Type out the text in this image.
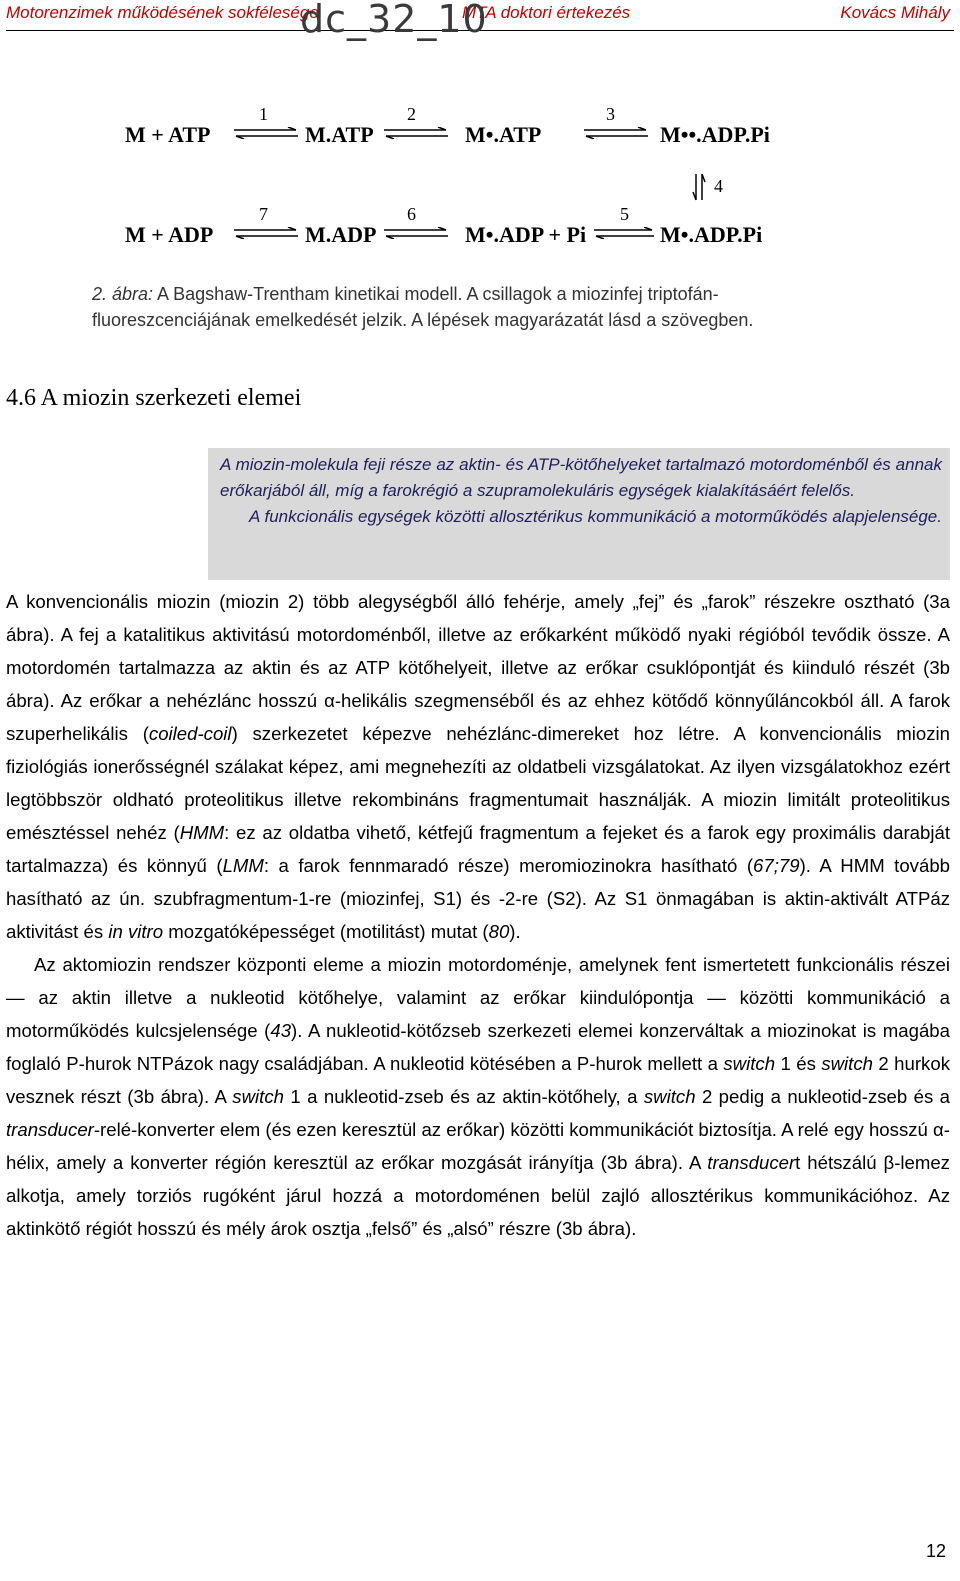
Motorenzimek működésének sokfélesége	MTA doktori értekezés	Kovács Mihály
dc_32_10
M + ATP	M.ATP	M•.ATP	M••.ADP.Pi
1	2	3
4
M + ADP	M.ADP	M•.ADP + Pi	M•.ADP.Pi
7	6	5
2. ábra: A Bagshaw-Trentham kinetikai modell. A csillagok a miozinfej triptofán-fluoreszcenciájának emelkedését jelzik. A lépések magyarázatát lásd a szövegben.
4.6 A miozin szerkezeti elemei

A miozin-molekula feji része az aktin- és ATP-kötőhelyeket tartalmazó motordoménből és annak erőkarjából áll, míg a farokrégió a szupramolekuláris egységek kialakításáért felelős.

A funkcionális egységek közötti allosztérikus kommunikáció a motorműködés alapjelensége.

A konvencionális miozin (miozin 2) több alegységből álló fehérje, amely „fej” és „farok” részekre osztható (3a ábra). A fej a katalitikus aktivitású motordoménből, illetve az erőkarként működő nyaki régióból tevődik össze. A motordomén tartalmazza az aktin és az ATP kötőhelyeit, illetve az erőkar csuklópontját és kiinduló részét (3b ábra). Az erőkar a nehézlánc hosszú α-helikális szegmenséből és az ehhez kötődő könnyűláncokból áll. A farok szuperhelikális (coiled-coil) szerkezetet képezve nehézlánc-dimereket hoz létre. A konvencionális miozin fiziológiás ionerősségnél szálakat képez, ami megnehezíti az oldatbeli vizsgálatokat. Az ilyen vizsgálatokhoz ezért legtöbbször oldható proteolitikus illetve rekombináns fragmentumait használják. A miozin limitált proteolitikus emésztéssel nehéz (HMM: ez az oldatba vihető, kétfejű fragmentum a fejeket és a farok egy proximális darabját tartalmazza) és könnyű (LMM: a farok fennmaradó része) meromiozinokra hasítható (67;79). A HMM tovább hasítható az ún. szubfragmentum-1-re (miozinfej, S1) és -2-re (S2). Az S1 önmagában is aktin-aktivált ATPáz aktivitást és in vitro mozgatóképességet (motilitást) mutat (80).

Az aktomiozin rendszer központi eleme a miozin motordoménje, amelynek fent ismertetett funkcionális részei — az aktin illetve a nukleotid kötőhelye, valamint az erőkar kiindulópontja — közötti kommunikáció a motorműködés kulcsjelensége (43). A nukleotid-kötőzseb szerkezeti elemei konzerváltak a miozinokat is magába foglaló P-hurok NTPázok nagy családjában. A nukleotid kötésében a P-hurok mellett a switch 1 és switch 2 hurkok vesznek részt (3b ábra). A switch 1 a nukleotid-zseb és az aktin-kötőhely, a switch 2 pedig a nukleotid-zseb és a transducer-relé-konverter elem (és ezen keresztül az erőkar) közötti kommunikációt biztosítja. A relé egy hosszú α-hélix, amely a konverter régión keresztül az erőkar mozgását irányítja (3b ábra). A transducert hétszálú β-lemez alkotja, amely torziós rugóként járul hozzá a motordoménen belül zajló allosztérikus kommunikációhoz. Az aktinkötő régiót hosszú és mély árok osztja „felső” és „alsó” részre (3b ábra).

12
